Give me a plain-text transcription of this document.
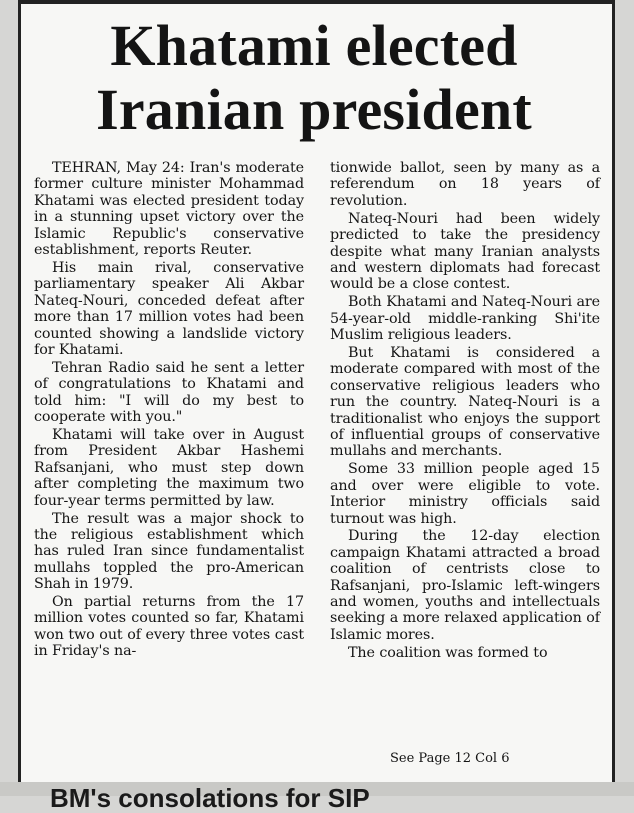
Khatami elected
Iranian president

TEHRAN, May 24: Iran's moderate former culture minister Mohammad Khatami was elected president today in a stunning upset victory over the Islamic Republic's conservative establishment, reports Reuter.

His main rival, conservative parliamentary speaker Ali Akbar Nateq-Nouri, conceded defeat after more than 17 million votes had been counted showing a landslide victory for Khatami.

Tehran Radio said he sent a letter of congratulations to Khatami and told him: "I will do my best to cooperate with you."

Khatami will take over in August from President Akbar Hashemi Rafsanjani, who must step down after completing the maximum two four-year terms permitted by law.

The result was a major shock to the religious establishment which has ruled Iran since fundamentalist mullahs toppled the pro-American Shah in 1979.

On partial returns from the 17 million votes counted so far, Khatami won two out of every three votes cast in Friday's na-

tionwide ballot, seen by many as a referendum on 18 years of revolution.

Nateq-Nouri had been widely predicted to take the presidency despite what many Iranian analysts and western diplomats had forecast would be a close contest.

Both Khatami and Nateq-Nouri are 54-year-old middle-ranking Shi'ite Muslim religious leaders.

But Khatami is considered a moderate compared with most of the conservative religious leaders who run the country. Nateq-Nouri is a traditionalist who enjoys the support of influential groups of conservative mullahs and merchants.

Some 33 million people aged 15 and over were eligible to vote. Interior ministry officials said turnout was high.

During the 12-day election campaign Khatami attracted a broad coalition of centrists close to Rafsanjani, pro-Islamic left-wingers and women, youths and intellectuals seeking a more relaxed application of Islamic mores.

The coalition was formed to

See Page 12 Col 6
BM's consolations for SIP
